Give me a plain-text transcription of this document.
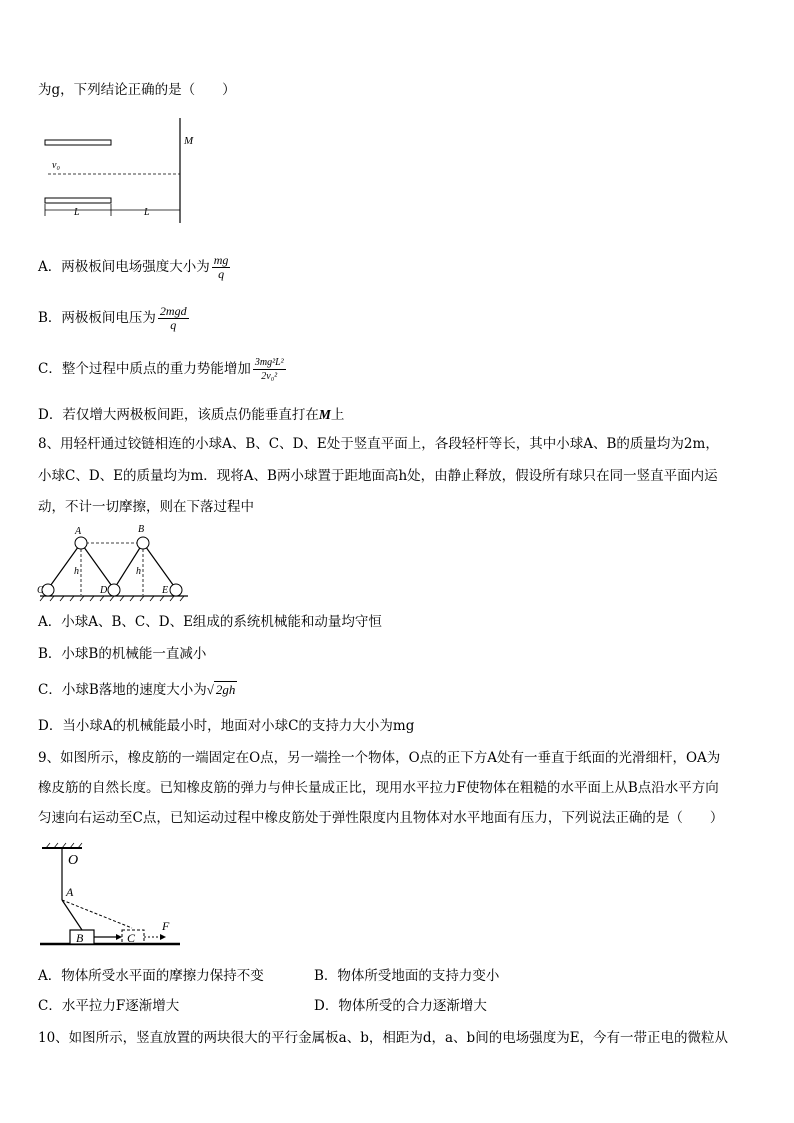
为g，下列结论正确的是（　　）
M
v₀
L	L
A．两极板间电场强度大小为 $\frac{mg}{q}$
B．两极板间电压为 $\frac{\text{2mgd}}{q}$
C．整个过程中质点的重力势能增加 $\frac{\text{3mg²L²}}{\text{2v₀²}}$
D．若仅增大两极板间距，该质点仍能垂直打在M上
8、用轻杆通过铰链相连的小球A、B、C、D、E处于竖直平面上，各段轻杆等长，其中小球A、B的质量均为2m，
小球C、D、E的质量均为m．现将A、B两小球置于距地面高h处，由静止释放，假设所有球只在同一竖直平面内运
动，不计一切摩擦，则在下落过程中
A	B
C	D	E
h	h
A．小球A、B、C、D、E组成的系统机械能和动量均守恒
B．小球B的机械能一直减小
C．小球B落地的速度大小为√ 2gh
D．当小球A的机械能最小时，地面对小球C的支持力大小为mg
9、如图所示，橡皮筋的一端固定在O点，另一端拴一个物体，O点的正下方A处有一垂直于纸面的光滑细杆，OA为
橡皮筋的自然长度。已知橡皮筋的弹力与伸长量成正比，现用水平拉力F使物体在粗糙的水平面上从B点沿水平方向
匀速向右运动至C点，已知运动过程中橡皮筋处于弹性限度内且物体对水平地面有压力，下列说法正确的是（　　）
O
A
B	C
F
A．物体所受水平面的摩擦力保持不变	B．物体所受地面的支持力变小
C．水平拉力F逐渐增大	D．物体所受的合力逐渐增大
10、如图所示，竖直放置的两块很大的平行金属板a、b，相距为d，a、b间的电场强度为E，今有一带正电的微粒从
